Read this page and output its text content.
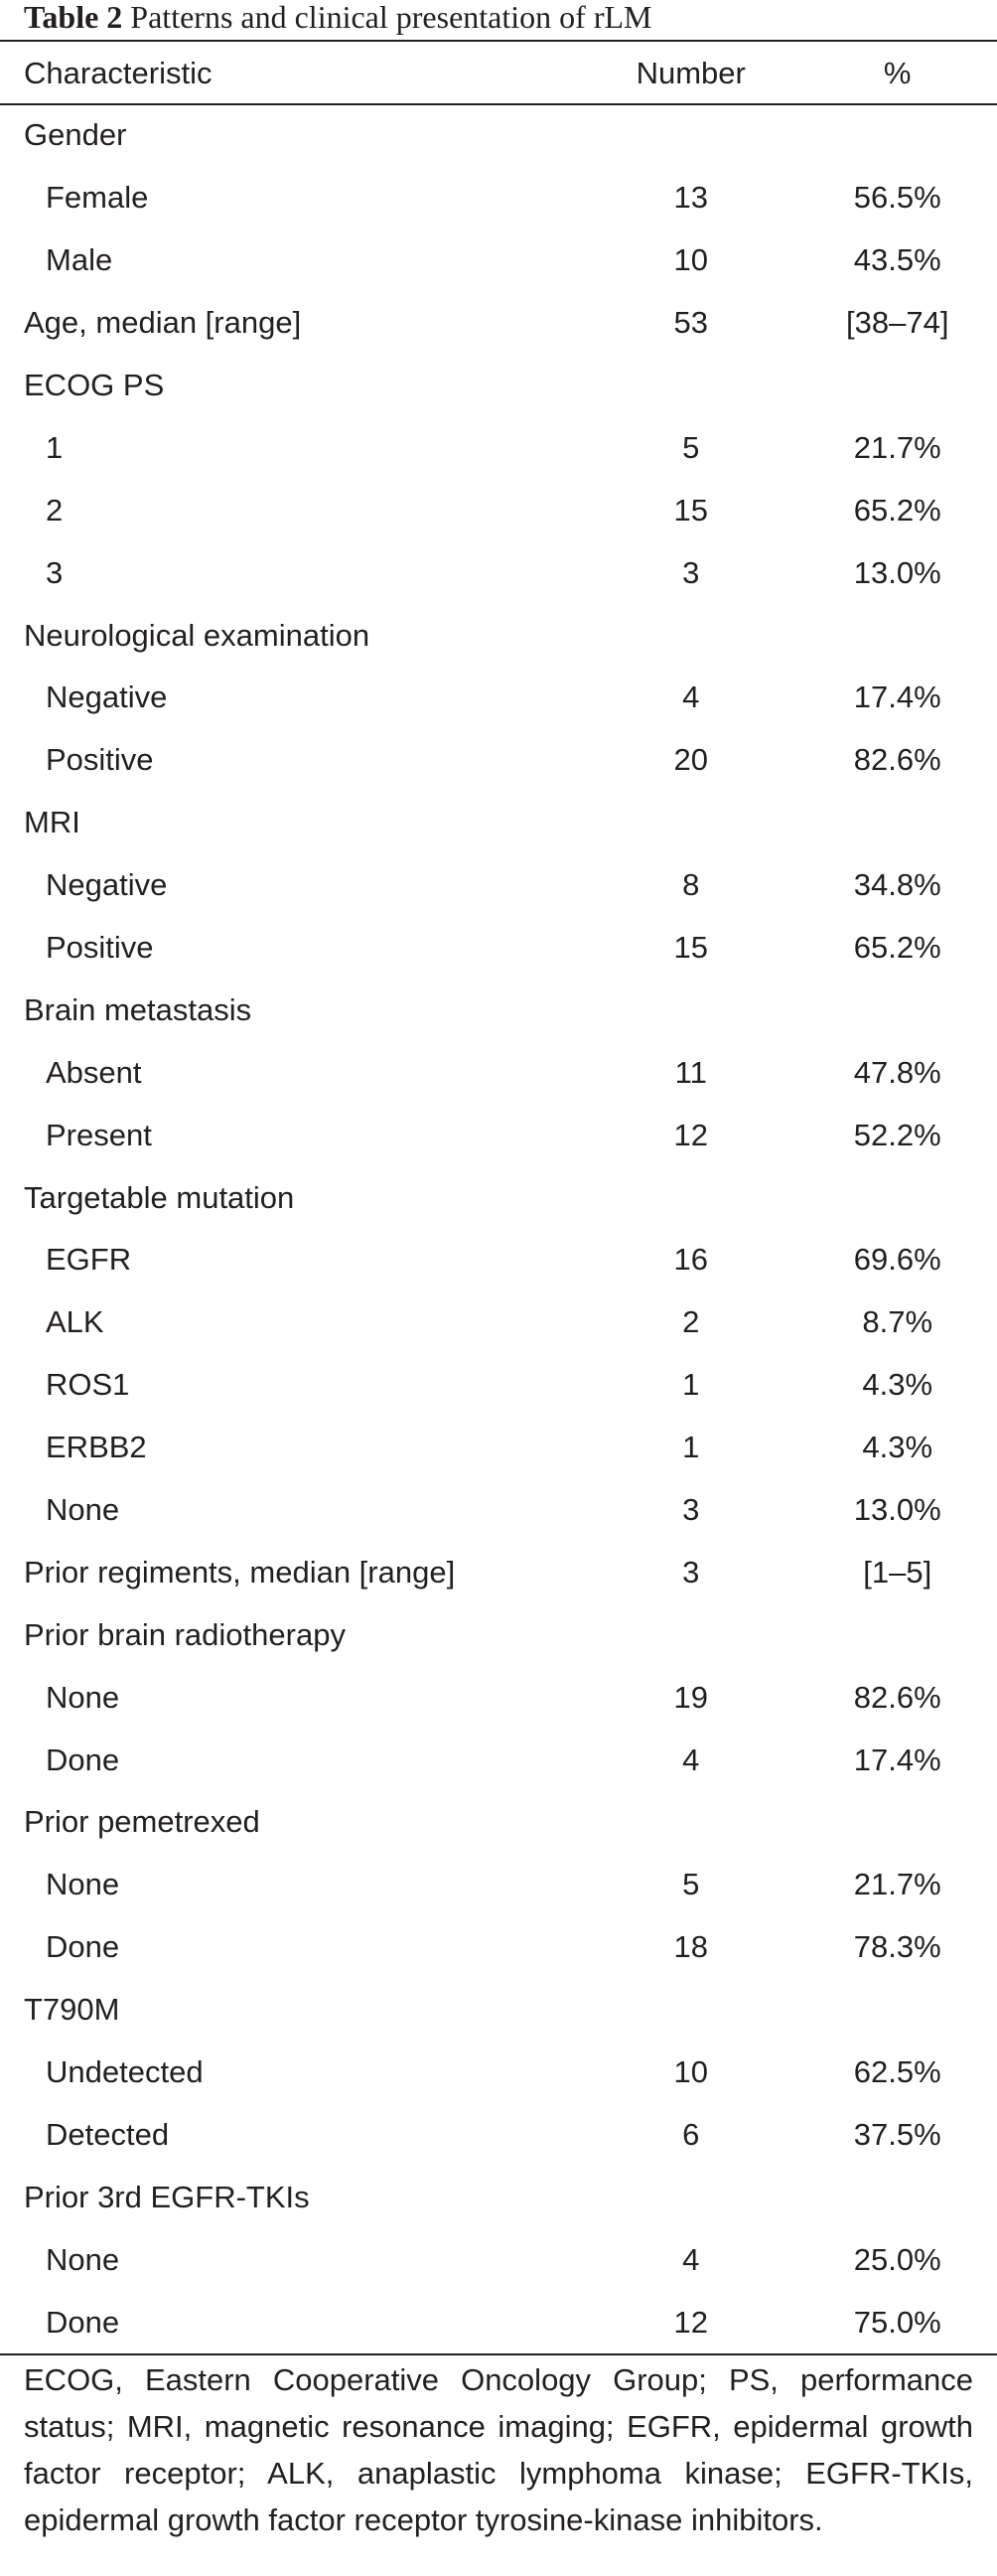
Table 2 Patterns and clinical presentation of rLM
Characteristic	Number	%
Gender		
Female	13	56.5%
Male	10	43.5%
Age, median [range]	53	[38–74]
ECOG PS		
1	5	21.7%
2	15	65.2%
3	3	13.0%
Neurological examination		
Negative	4	17.4%
Positive	20	82.6%
MRI		
Negative	8	34.8%
Positive	15	65.2%
Brain metastasis		
Absent	11	47.8%
Present	12	52.2%
Targetable mutation		
EGFR	16	69.6%
ALK	2	8.7%
ROS1	1	4.3%
ERBB2	1	4.3%
None	3	13.0%
Prior regiments, median [range]	3	[1–5]
Prior brain radiotherapy		
None	19	82.6%
Done	4	17.4%
Prior pemetrexed		
None	5	21.7%
Done	18	78.3%
T790M		
Undetected	10	62.5%
Detected	6	37.5%
Prior 3rd EGFR-TKIs		
None	4	25.0%
Done	12	75.0%
ECOG, Eastern Cooperative Oncology Group; PS, performance status; MRI, magnetic resonance imaging; EGFR, epidermal growth factor receptor; ALK, anaplastic lymphoma kinase; EGFR-TKIs, epidermal growth factor receptor tyrosine-kinase inhibitors.
